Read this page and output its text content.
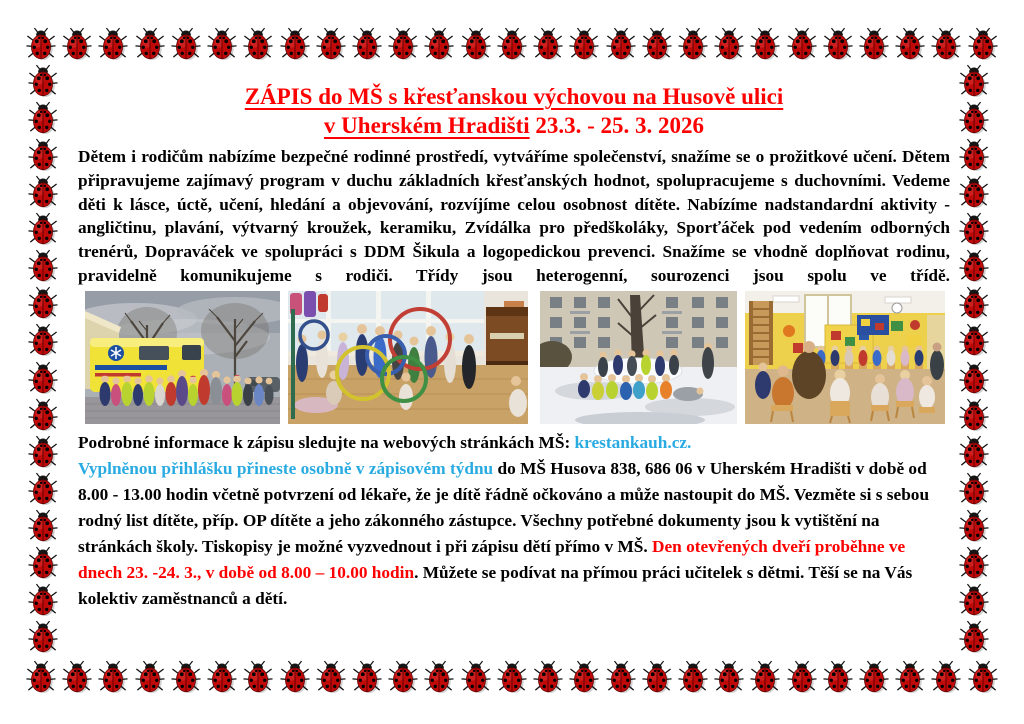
ZÁPIS do MŠ s křesťanskou výchovou na Husově ulici
v Uherském Hradišti 23.3. - 25. 3. 2026

Dětem i rodičům nabízíme bezpečné rodinné prostředí, vytváříme společenství, snažíme se o prožitkové učení. Dětem připravujeme zajímavý program v duchu základních křesťanských hodnot, spolupracujeme s duchovními. Vedeme děti k lásce, úctě, učení, hledání a objevování, rozvíjíme celou osobnost dítěte. Nabízíme nadstandardní aktivity - angličtinu, plavání, výtvarný kroužek, keramiku, Zvídálka pro předškoláky, Sporťáček pod vedením odborných trenérů, Dopraváček ve spolupráci s DDM Šikula a logopedickou prevenci. Snažíme se vhodně doplňovat rodinu, pravidelně komunikujeme s rodiči. Třídy jsou heterogenní, sourozenci jsou spolu ve třídě.

Podrobné informace k zápisu sledujte na webových stránkách MŠ: krestankauh.cz.

Vyplněnou přihlášku přineste osobně v zápisovém týdnu do MŠ Husova 838, 686 06 v Uherském Hradišti v době od 8.00 - 13.00 hodin včetně potvrzení od lékaře, že je dítě řádně očkováno a může nastoupit do MŠ. Vezměte si s sebou rodný list dítěte, příp. OP dítěte a jeho zákonného zástupce. Všechny potřebné dokumenty jsou k vytištění na stránkách školy. Tiskopisy je možné vyzvednout i při zápisu dětí přímo v MŠ. Den otevřených dveří proběhne ve dnech 23. -24. 3., v době od 8.00 – 10.00 hodin. Můžete se podívat na přímou práci učitelek s dětmi. Těší se na Vás kolektiv zaměstnanců a dětí.
